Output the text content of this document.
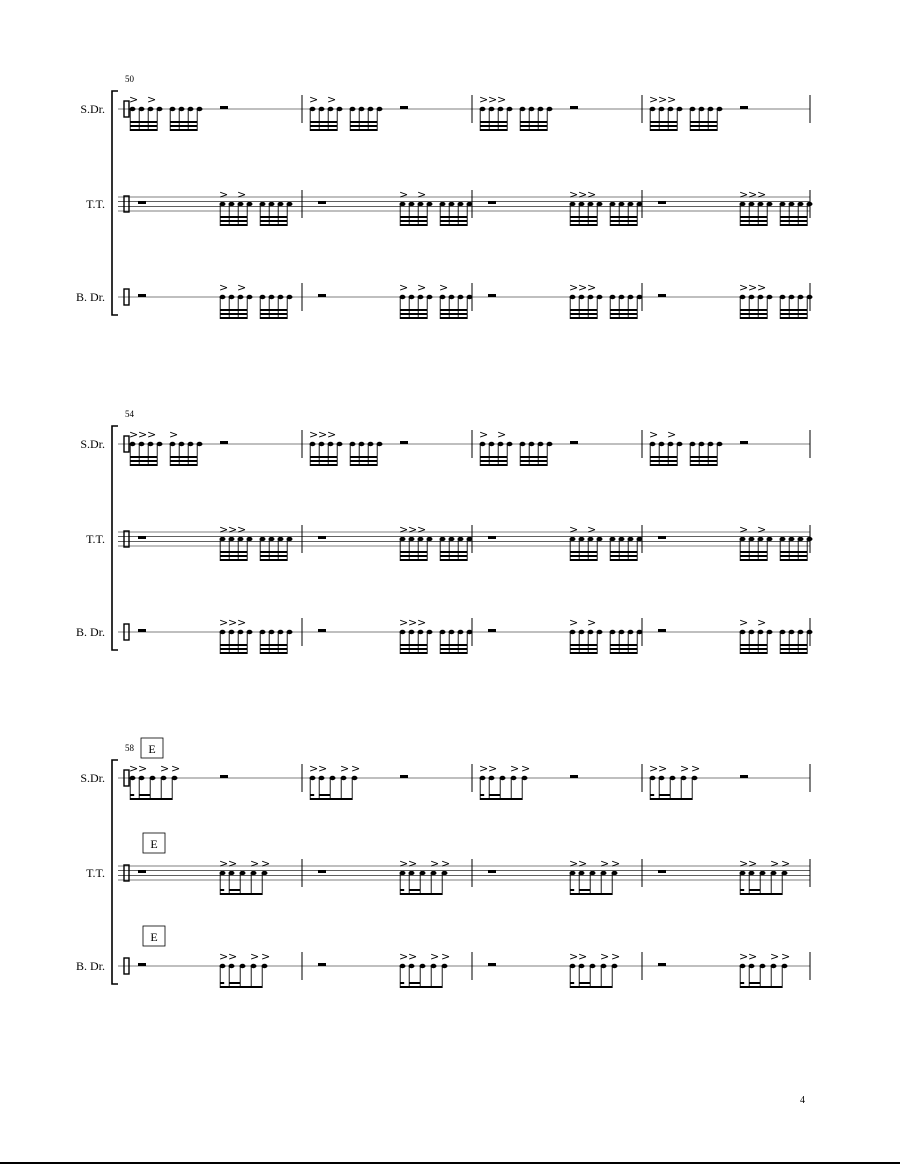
50
S.Dr.
> >	> >	> > >	> > >
T.T.
> >	> >	> > >	> > >
B. Dr.
> >	> > >	> > >	> > >
54
S.Dr.
> > > >	> > >	> >	> >
T.T.
> > >	> > >	> >	> >
B. Dr.
> > >	> > >	> >	> >
58
S.Dr.
E
> > > >	> > > >	> > > >	> > > >
T.T.
E
> > > >	> > > >	> > > >	> > > >
B. Dr.
E
> > > >	> > > >	> > > >	> > > >
4
